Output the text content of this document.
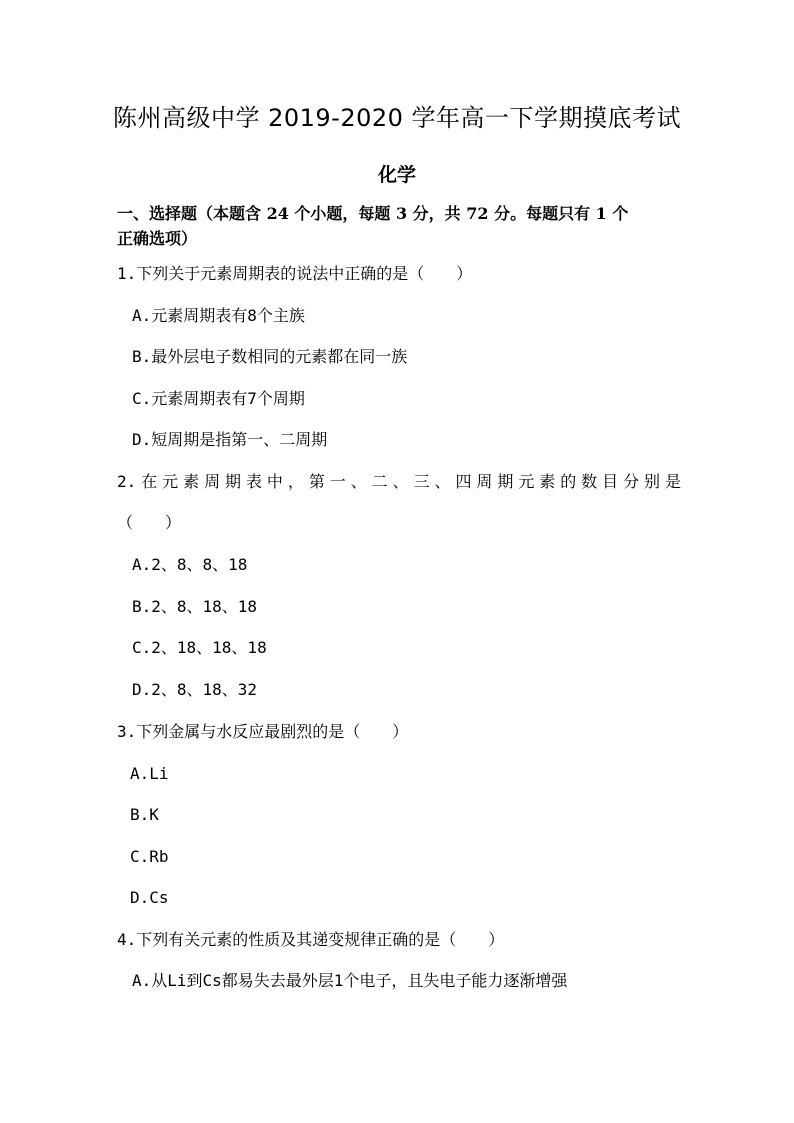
陈州高级中学 2019-2020 学年高一下学期摸底考试
化学
一、选择题（本题含 24 个小题，每题 3 分，共 72 分。每题只有 1 个
正确选项）
1.下列关于元素周期表的说法中正确的是（　　）
A.元素周期表有8个主族
B.最外层电子数相同的元素都在同一族
C.元素周期表有7个周期
D.短周期是指第一、二周期
2.在元素周期表中，第一、二、三、四周期元素的数目分别是
（　　）
A.2、8、8、18
B.2、8、18、18
C.2、18、18、18
D.2、8、18、32
3.下列金属与水反应最剧烈的是（　　）
A.Li
B.K
C.Rb
D.Cs
4.下列有关元素的性质及其递变规律正确的是（　　）
A.从Li到Cs都易失去最外层1个电子，且失电子能力逐渐增强
